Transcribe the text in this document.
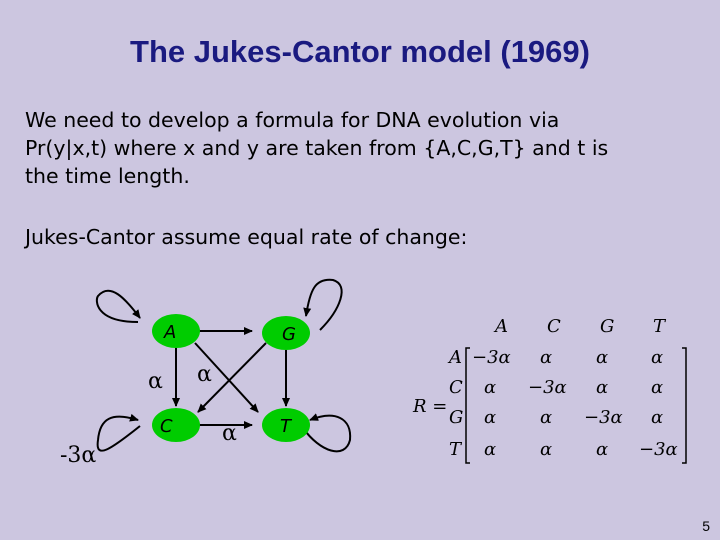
The Jukes-Cantor model (1969)
We need to develop a formula for DNA evolution via
Pr(y|x,t) where x and y are taken from {A,C,G,T} and t is
the time length.
Jukes-Cantor assume equal rate of change:
A	G
C	T
α α
α
-3α
R =
A C G T
A
C
G
T
−3α α α α
α −3α α α
α α −3α α
α α α −3α
5
